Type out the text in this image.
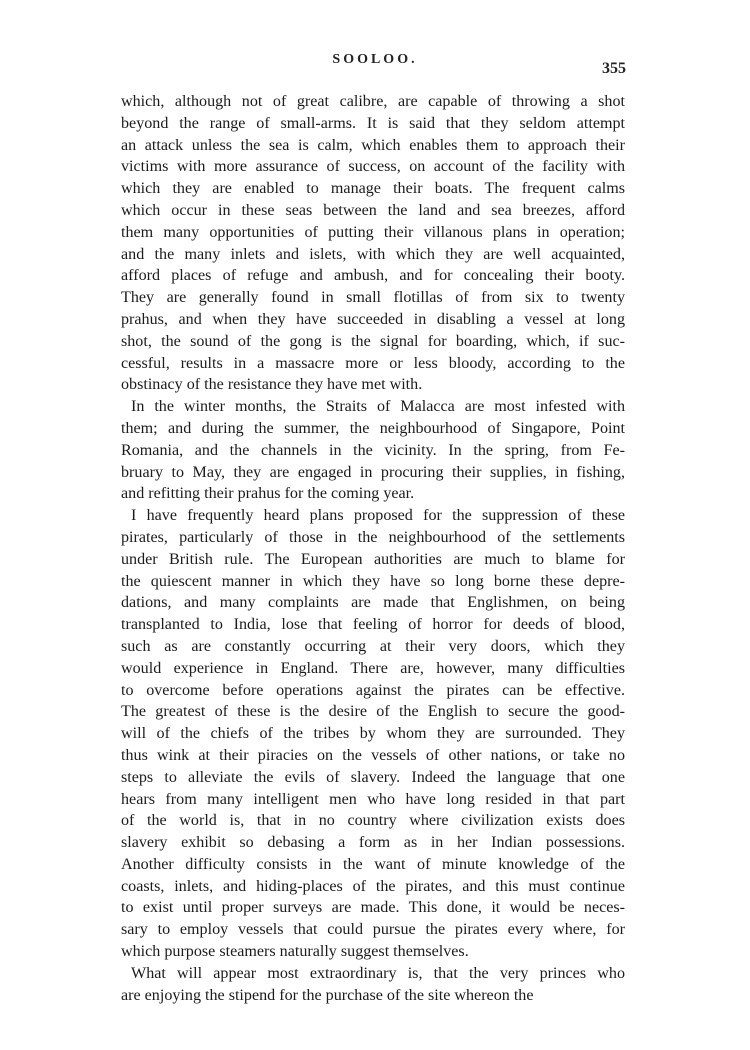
SOOLOO.
355
which, although not of great calibre, are capable of throwing a shot
beyond the range of small-arms. It is said that they seldom attempt
an attack unless the sea is calm, which enables them to approach their
victims with more assurance of success, on account of the facility with
which they are enabled to manage their boats. The frequent calms
which occur in these seas between the land and sea breezes, afford
them many opportunities of putting their villanous plans in operation;
and the many inlets and islets, with which they are well acquainted,
afford places of refuge and ambush, and for concealing their booty.
They are generally found in small flotillas of from six to twenty
prahus, and when they have succeeded in disabling a vessel at long
shot, the sound of the gong is the signal for boarding, which, if suc-
cessful, results in a massacre more or less bloody, according to the
obstinacy of the resistance they have met with.
In the winter months, the Straits of Malacca are most infested with
them; and during the summer, the neighbourhood of Singapore, Point
Romania, and the channels in the vicinity. In the spring, from Fe-
bruary to May, they are engaged in procuring their supplies, in fishing,
and refitting their prahus for the coming year.
I have frequently heard plans proposed for the suppression of these
pirates, particularly of those in the neighbourhood of the settlements
under British rule. The European authorities are much to blame for
the quiescent manner in which they have so long borne these depre-
dations, and many complaints are made that Englishmen, on being
transplanted to India, lose that feeling of horror for deeds of blood,
such as are constantly occurring at their very doors, which they
would experience in England. There are, however, many difficulties
to overcome before operations against the pirates can be effective.
The greatest of these is the desire of the English to secure the good-
will of the chiefs of the tribes by whom they are surrounded. They
thus wink at their piracies on the vessels of other nations, or take no
steps to alleviate the evils of slavery. Indeed the language that one
hears from many intelligent men who have long resided in that part
of the world is, that in no country where civilization exists does
slavery exhibit so debasing a form as in her Indian possessions.
Another difficulty consists in the want of minute knowledge of the
coasts, inlets, and hiding-places of the pirates, and this must continue
to exist until proper surveys are made. This done, it would be neces-
sary to employ vessels that could pursue the pirates every where, for
which purpose steamers naturally suggest themselves.
What will appear most extraordinary is, that the very princes who
are enjoying the stipend for the purchase of the site whereon the
